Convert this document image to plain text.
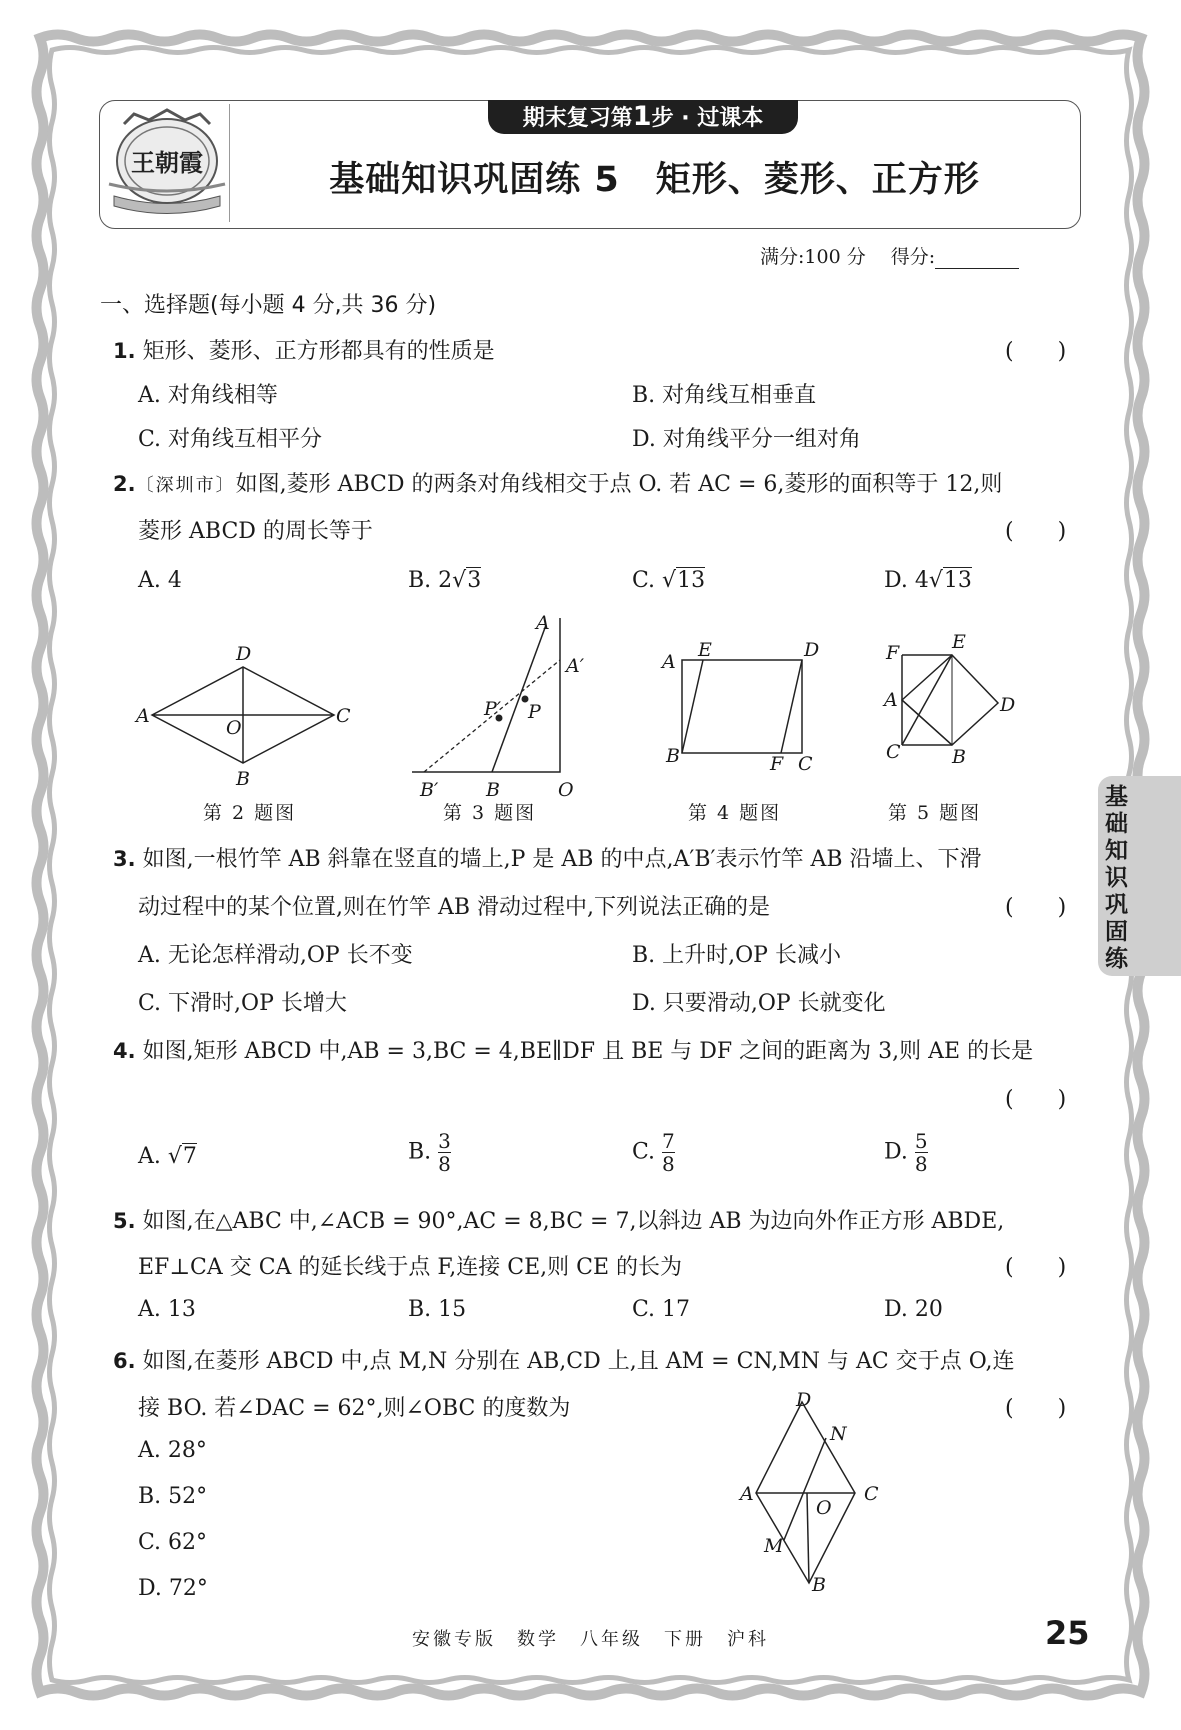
王朝霞
期末复习第1步 · 过课本
基础知识巩固练 5　矩形、菱形、正方形
满分:100 分　 得分:
一、选择题(每小题 4 分,共 36 分)
1. 矩形、菱形、正方形都具有的性质是	(　　)
A. 对角线相等	B. 对角线互相垂直
C. 对角线互相平分	D. 对角线平分一组对角
2.〔深圳市〕如图,菱形 ABCD 的两条对角线相交于点 O. 若 AC = 6,菱形的面积等于 12,则
菱形 ABCD 的周长等于	(　　)
A. 4	B. 2√3	C. √13	D. 4√13
A
D
C
O
B
第 2 题图
A
A′
P′ P
B′	B	O
第 3 题图
A
E	D
B	F C
第 4 题图
F	E
A	D
C	B
第 5 题图
3. 如图,一根竹竿 AB 斜靠在竖直的墙上,P 是 AB 的中点,A′B′表示竹竿 AB 沿墙上、下滑
动过程中的某个位置,则在竹竿 AB 滑动过程中,下列说法正确的是	(　　)
A. 无论怎样滑动,OP 长不变	B. 上升时,OP 长减小
C. 下滑时,OP 长增大	D. 只要滑动,OP 长就变化
4. 如图,矩形 ABCD 中,AB = 3,BC = 4,BE∥DF 且 BE 与 DF 之间的距离为 3,则 AE 的长是
(　　)
A. √7	B. $\frac{3}{8}$	C. $\frac{7}{8}$	D. $\frac{5}{8}$
5. 如图,在△ABC 中,∠ACB = 90°,AC = 8,BC = 7,以斜边 AB 为边向外作正方形 ABDE,
EF⊥CA 交 CA 的延长线于点 F,连接 CE,则 CE 的长为	(　　)
A. 13	B. 15	C. 17	D. 20
6. 如图,在菱形 ABCD 中,点 M,N 分别在 AB,CD 上,且 AM = CN,MN 与 AC 交于点 O,连
接 BO. 若∠DAC = 62°,则∠OBC 的度数为	(　　)
A. 28°
B. 52°
C. 62°
D. 72°
D
N
A
O
C
M
B
基础知识巩固练
安徽专版　数学　八年级　下册　沪科	25
